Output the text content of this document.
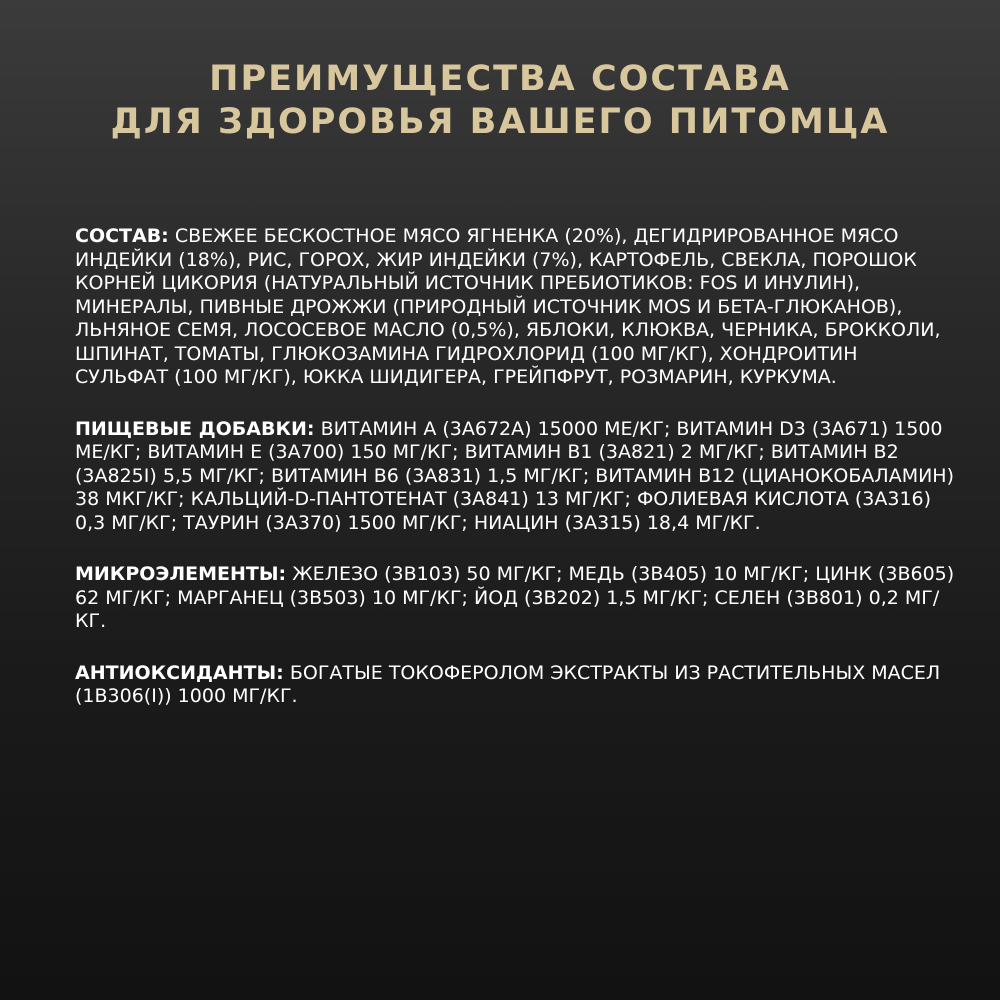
ПРЕИМУЩЕСТВА СОСТАВА
ДЛЯ ЗДОРОВЬЯ ВАШЕГО ПИТОМЦА

СОСТАВ: СВЕЖЕЕ БЕСКОСТНОЕ МЯСО ЯГНЕНКА (20%), ДЕГИДРИРОВАННОЕ МЯСО ИНДЕЙКИ (18%), РИС, ГОРОХ, ЖИР ИНДЕЙКИ (7%), КАРТОФЕЛЬ, СВЕКЛА, ПОРОШОК КОРНЕЙ ЦИКОРИЯ (НАТУРАЛЬНЫЙ ИСТОЧНИК ПРЕБИОТИКОВ: FOS И ИНУЛИН), МИНЕРАЛЫ, ПИВНЫЕ ДРОЖЖИ (ПРИРОДНЫЙ ИСТОЧНИК MOS И БЕТА-ГЛЮКАНОВ), ЛЬНЯНОЕ СЕМЯ, ЛОСОСЕВОЕ МАСЛО (0,5%), ЯБЛОКИ, КЛЮКВА, ЧЕРНИКА, БРОККОЛИ, ШПИНАТ, ТОМАТЫ, ГЛЮКОЗАМИНА ГИДРОХЛОРИД (100 МГ/КГ), ХОНДРОИТИН СУЛЬФАТ (100 МГ/КГ), ЮККА ШИДИГЕРА, ГРЕЙПФРУТ, РОЗМАРИН, КУРКУМА.

ПИЩЕВЫЕ ДОБАВКИ: ВИТАМИН А (3А672А) 15000 МЕ/КГ; ВИТАМИН D3 (3А671) 1500 МЕ/КГ; ВИТАМИН Е (3А700) 150 МГ/КГ; ВИТАМИН В1 (3А821) 2 МГ/КГ; ВИТАМИН В2 (3А825I) 5,5 МГ/КГ; ВИТАМИН В6 (3А831) 1,5 МГ/КГ; ВИТАМИН В12 (ЦИАНОКОБАЛАМИН) 38 МКГ/КГ; КАЛЬЦИЙ-D-ПАНТОТЕНАТ (3А841) 13 МГ/КГ; ФОЛИЕВАЯ КИСЛОТА (3А316) 0,3 МГ/КГ; ТАУРИН (3А370) 1500 МГ/КГ; НИАЦИН (3А315) 18,4 МГ/КГ.

МИКРОЭЛЕМЕНТЫ: ЖЕЛЕЗО (3В103) 50 МГ/КГ; МЕДЬ (3В405) 10 МГ/КГ; ЦИНК (3В605) 62 МГ/КГ; МАРГАНЕЦ (3В503) 10 МГ/КГ; ЙОД (3В202) 1,5 МГ/КГ; СЕЛЕН (3В801) 0,2 МГ/КГ.

АНТИОКСИДАНТЫ: БОГАТЫЕ ТОКОФЕРОЛОМ ЭКСТРАКТЫ ИЗ РАСТИТЕЛЬНЫХ МАСЕЛ (1В306(I)) 1000 МГ/КГ.
